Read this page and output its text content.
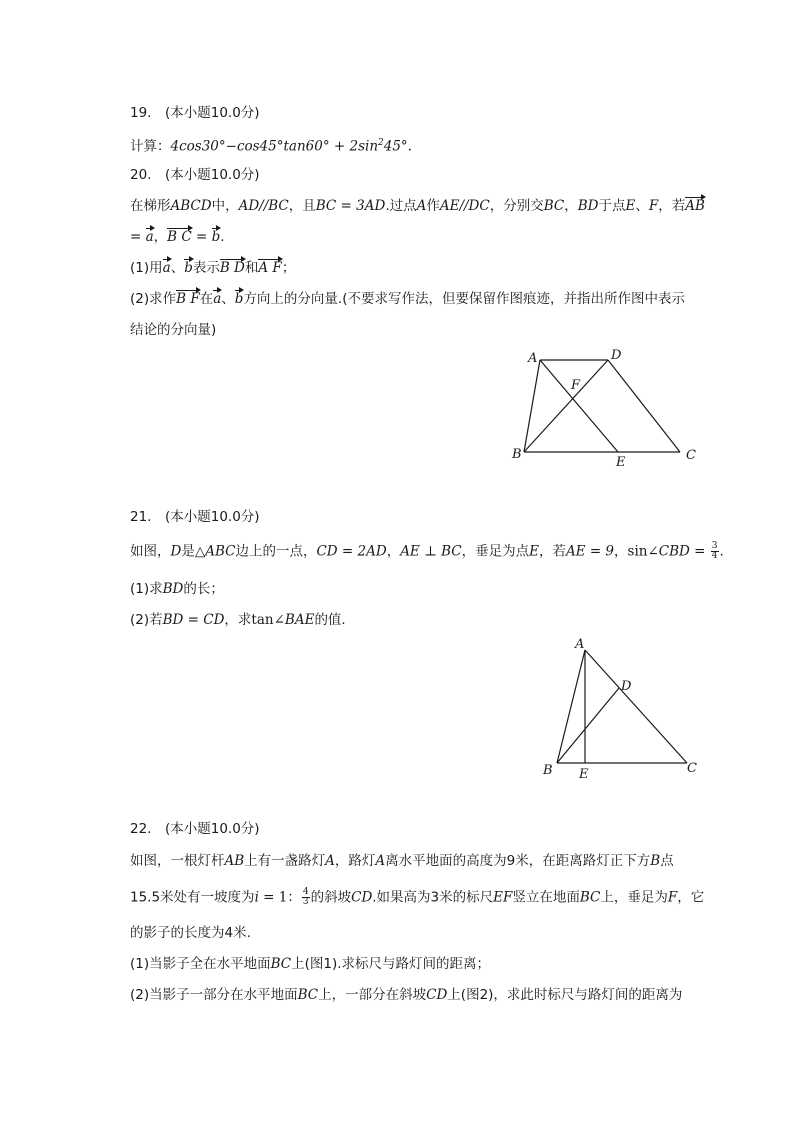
19.　(本小题10.0分)
计算：$4\cos 30^\circ-\cos 45^\circ\tan 60^\circ + 2\sin^245^\circ$.
20.　(本小题10.0分)
在梯形ABCD中，AD//BC，且BC = 3AD.过点A作AE//DC，分别交BC，BD于点E、F，若AB
= a，B C = b.
(1)用a、b表示B D和A F；
(2)求作B F在a、b方向上的分向量.(不要求写作法，但要保留作图痕迹，并指出所作图中表示
结论的分向量)
A	D
F
B
E	C
21.　(本小题10.0分)
如图，D是△ABC边上的一点，CD = 2AD，AE ⊥ BC，垂足为点E，若AE = 9，sin∠CBD = $\frac{3}{4}$ .
(1)求BD的长；
(2)若BD = CD，求tan∠BAE的值.
A
D
B E	C
22.　(本小题10.0分)
如图，一根灯杆AB上有一盏路灯A，路灯A离水平地面的高度为9米，在距离路灯正下方B点
15.5米处有一坡度为i = 1： $\frac{4}{3}$ 的斜坡CD.如果高为3米的标尺EF竖立在地面BC上，垂足为F，它
的影子的长度为4米.
(1)当影子全在水平地面BC上(图1).求标尺与路灯间的距离；
(2)当影子一部分在水平地面BC上，一部分在斜坡CD上(图2)，求此时标尺与路灯间的距离为
